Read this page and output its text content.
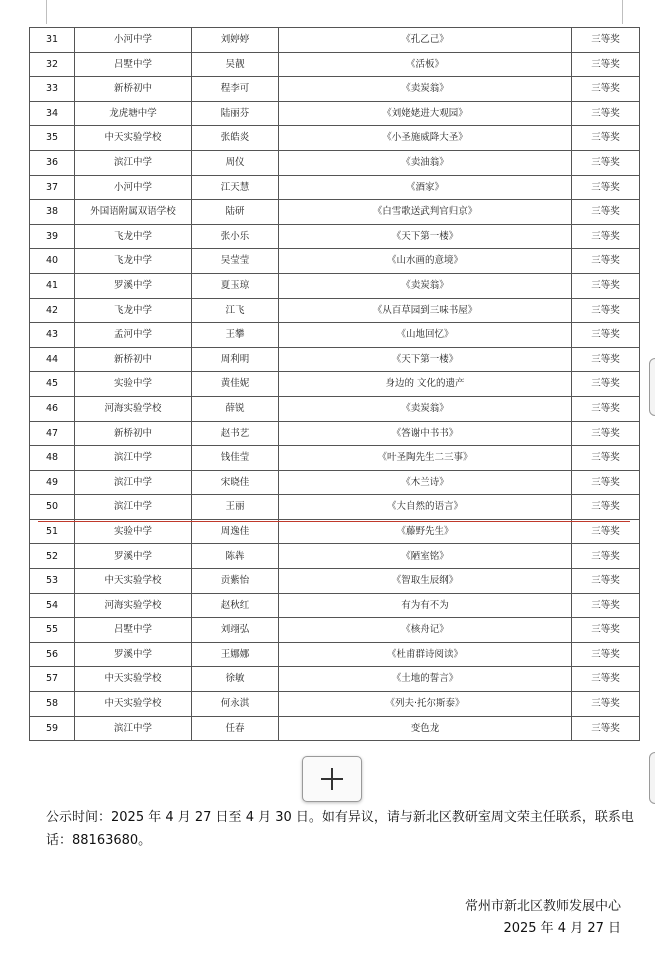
31	小河中学	刘婷婷	《孔乙己》	三等奖
32	吕墅中学	吴靓	《活板》	三等奖
33	新桥初中	程李可	《卖炭翁》	三等奖
34	龙虎塘中学	陆丽芬	《刘姥姥进大观园》	三等奖
35	中天实验学校	张皓炎	《小圣施威降大圣》	三等奖
36	滨江中学	周仪	《卖油翁》	三等奖
37	小河中学	江天慧	《酒家》	三等奖
38	外国语附属双语学校	陆研	《白雪歌送武判官归京》	三等奖
39	飞龙中学	张小乐	《天下第一楼》	三等奖
40	飞龙中学	吴莹莹	《山水画的意境》	三等奖
41	罗溪中学	夏玉琼	《卖炭翁》	三等奖
42	飞龙中学	江飞	《从百草园到三味书屋》	三等奖
43	孟河中学	王攀	《山地回忆》	三等奖
44	新桥初中	周利明	《天下第一楼》	三等奖
45	实验中学	黄佳妮	身边的 文化的遗产	三等奖
46	河海实验学校	薛锐	《卖炭翁》	三等奖
47	新桥初中	赵书艺	《答谢中书书》	三等奖
48	滨江中学	钱佳莹	《叶圣陶先生二三事》	三等奖
49	滨江中学	宋晓佳	《木兰诗》	三等奖
50	滨江中学	王丽	《大自然的语言》	三等奖
51	实验中学	周逸佳	《藤野先生》	三等奖
52	罗溪中学	陈犇	《陋室铭》	三等奖
53	中天实验学校	贡紫怡	《智取生辰纲》	三等奖
54	河海实验学校	赵秋红	有为有不为	三等奖
55	吕墅中学	刘翊弘	《核舟记》	三等奖
56	罗溪中学	王娜娜	《杜甫群诗阅读》	三等奖
57	中天实验学校	徐敏	《土地的誓言》	三等奖
58	中天实验学校	何永淇	《列夫·托尔斯泰》	三等奖
59	滨江中学	任春	变色龙	三等奖
公示时间：2025 年 4 月 27 日至 4 月 30 日。如有异议，请与新北区教研室周文荣主任联系，联系电话：88163680。
常州市新北区教师发展中心
2025 年 4 月 27 日
